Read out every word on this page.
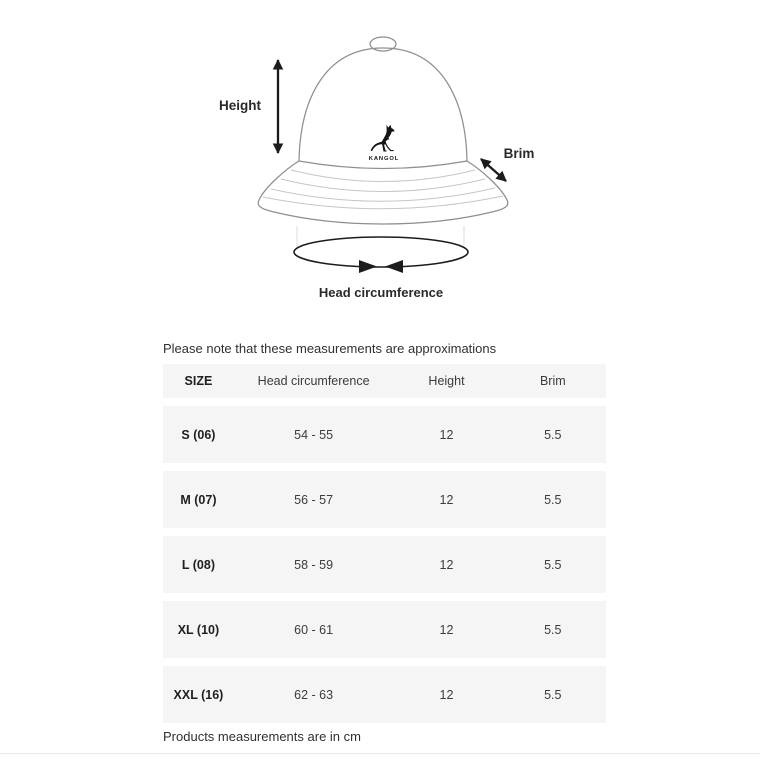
KANGOL
Height
Brim
Head circumference

Please note that these measurements are approximations

SIZE	Head circumference	Height	Brim
S (06)	54 - 55	12	5.5
M (07)	56 - 57	12	5.5
L (08)	58 - 59	12	5.5
XL (10)	60 - 61	12	5.5
XXL (16)	62 - 63	12	5.5

Products measurements are in cm
